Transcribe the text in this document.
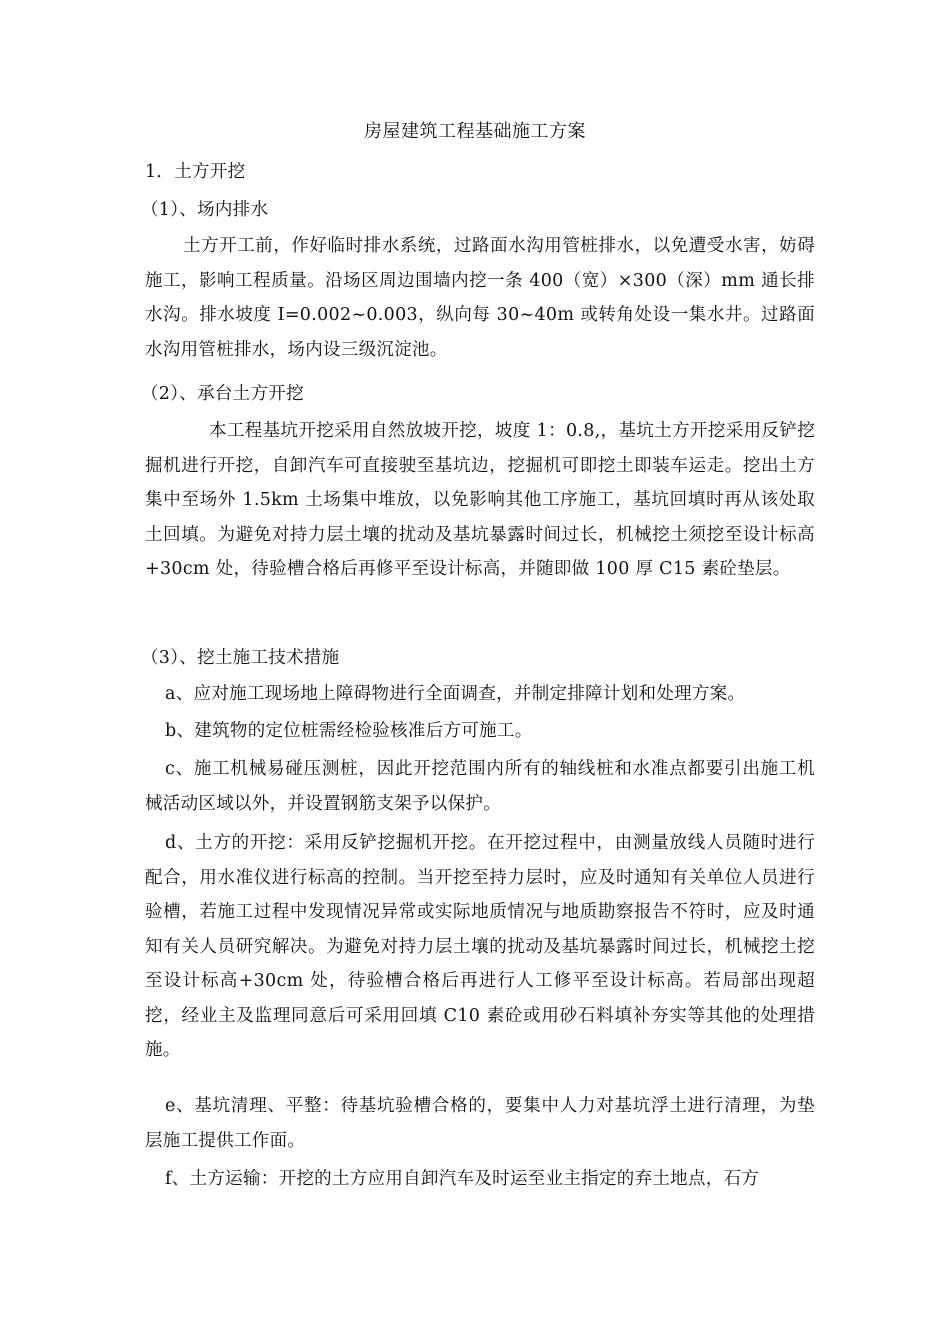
房屋建筑工程基础施工方案
1．土方开挖
（1）、场内排水
土方开工前，作好临时排水系统，过路面水沟用管桩排水，以免遭受水害，妨碍施工，影响工程质量。沿场区周边围墙内挖一条 400（宽）×300（深）mm 通长排水沟。排水坡度 I=0.002~0.003，纵向每 30~40m 或转角处设一集水井。过路面水沟用管桩排水，场内设三级沉淀池。
（2）、承台土方开挖
本工程基坑开挖采用自然放坡开挖，坡度 1：0.8,，基坑土方开挖采用反铲挖掘机进行开挖，自卸汽车可直接驶至基坑边，挖掘机可即挖土即装车运走。挖出土方集中至场外 1.5km 土场集中堆放，以免影响其他工序施工，基坑回填时再从该处取土回填。为避免对持力层土壤的扰动及基坑暴露时间过长，机械挖土须挖至设计标高+30cm 处，待验槽合格后再修平至设计标高，并随即做 100 厚 C15 素砼垫层。
（3）、挖土施工技术措施
a、应对施工现场地上障碍物进行全面调查，并制定排障计划和处理方案。
b、建筑物的定位桩需经检验核准后方可施工。
c、施工机械易碰压测桩，因此开挖范围内所有的轴线桩和水准点都要引出施工机械活动区域以外，并设置钢筋支架予以保护。
d、土方的开挖：采用反铲挖掘机开挖。在开挖过程中，由测量放线人员随时进行配合，用水准仪进行标高的控制。当开挖至持力层时，应及时通知有关单位人员进行验槽，若施工过程中发现情况异常或实际地质情况与地质勘察报告不符时，应及时通知有关人员研究解决。为避免对持力层土壤的扰动及基坑暴露时间过长，机械挖土挖至设计标高+30cm 处，待验槽合格后再进行人工修平至设计标高。若局部出现超挖，经业主及监理同意后可采用回填 C10 素砼或用砂石料填补夯实等其他的处理措施。
e、基坑清理、平整：待基坑验槽合格的，要集中人力对基坑浮土进行清理，为垫层施工提供工作面。
f、土方运输：开挖的土方应用自卸汽车及时运至业主指定的弃土地点，石方
